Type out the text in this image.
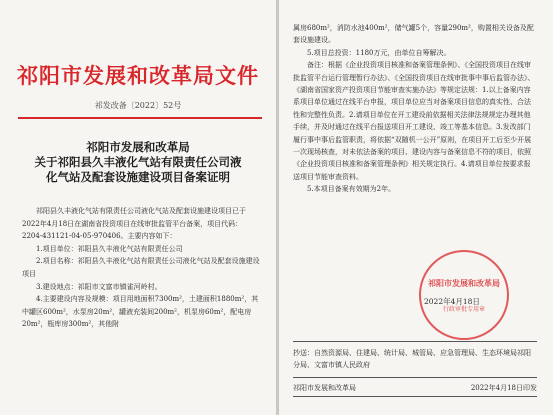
祁阳市发展和改革局文件
祁发改备〔2022〕52号
祁阳市发展和改革局
关于祁阳县久丰液化气站有限责任公司液
化气站及配套设施建设项目备案证明

祁阳县久丰液化气站有限责任公司液化气站及配套设施建设项目已于2022年4月18日在湖南省投资项目在线审批监管平台备案，项目代码：2204-431121-04-05-970406。主要内容如下：

1.项目单位：祁阳县久丰液化气站有限责任公司

2.项目名称：祁阳县久丰液化气站有限责任公司液化气站及配套设施建设项目

3.建设地点：祁阳市文富市镇雀河岭村。

4.主要建设内容及规模：项目用地面积7300m²，土建面积1880m²，其中罐区600m²，水泵房20m²，罐液充装间200m²，机泵房60m²，配电房20m²，瓶库房300m²，其他附

属房680m²，消防水池400m²，储气罐5个，容量290m²，购置相关设备及配套设施建设。

5.项目总投资：1180万元，由单位自筹解决。

备注：根据《企业投资项目核准和备案管理条例》、《全国投资项目在线审批监管平台运行管理暂行办法》、《全国投资项目在线审批事中事后监管办法》、《湖南省国家资产投资项目节能审查实施办法》等规定法规：1.以上备案内容系项目单位通过在线平台申报，项目单位应当对备案项目信息的真实性、合法性和完整性负责。2.请项目单位在开工建设前依据相关法律法规规定办理其他手续，并及时通过在线平台报送项目开工建设、竣工等基本信息。3.发改部门履行事中事后监管职责，将依据“双随机一公开”原则，在项目开工后至少开展一次现场核查，对未依法备案的项目、建设内容与备案信息不符的项目，依照《企业投资项目核准和备案管理条例》相关规定执行。4.请项目单位按要求报送项目节能审查资料。

5.本项目备案有效期为2年。

祁阳市发展和改革局
行政审批专用章
2022年4月18日
抄送：自然资源局、住建局、统计局、城管局、应急管理局、生态环境局祁阳分局、文富市镇人民政府
祁阳市发展和改革局	2022年4月18日印发
